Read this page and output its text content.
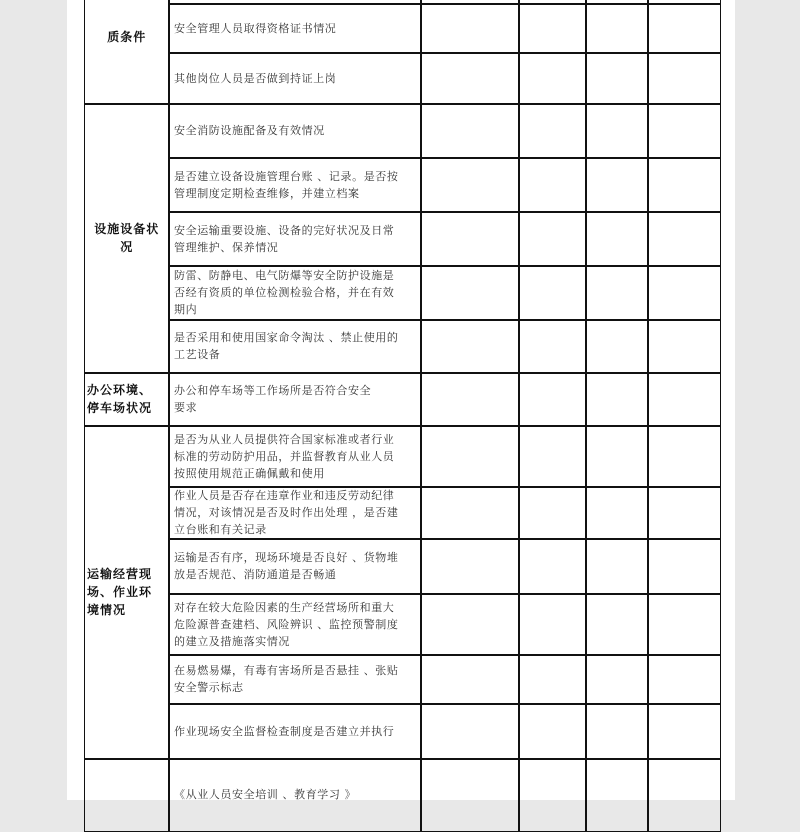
质条件
设施设备状
况
办公环境、
停车场状况
运输经营现
场、作业环
境情况
安全管理人员取得资格证书情况
其他岗位人员是否做到持证上岗
安全消防设施配备及有效情况
是否建立设备设施管理台账 、记录。是否按
管理制度定期检查维修，并建立档案
安全运输重要设施、设备的完好状况及日常
管理维护、保养情况
防雷、防静电、电气防爆等安全防护设施是
否经有资质的单位检测检验合格，并在有效
期内
是否采用和使用国家命令淘汰 、禁止使用的
工艺设备
办公和停车场等工作场所是否符合安全
要求
是否为从业人员提供符合国家标准或者行业
标准的劳动防护用品，并监督教育从业人员
按照使用规范正确佩戴和使用
作业人员是否存在违章作业和违反劳动纪律
情况，对该情况是否及时作出处理 ，是否建
立台账和有关记录
运输是否有序，现场环境是否良好 、货物堆
放是否规范、消防通道是否畅通
对存在较大危险因素的生产经营场所和重大
危险源普查建档、风险辨识 、监控预警制度
的建立及措施落实情况
在易燃易爆，有毒有害场所是否悬挂 、张贴
安全警示标志
作业现场安全监督检查制度是否建立并执行
《从业人员安全培训 、教育学习 》
